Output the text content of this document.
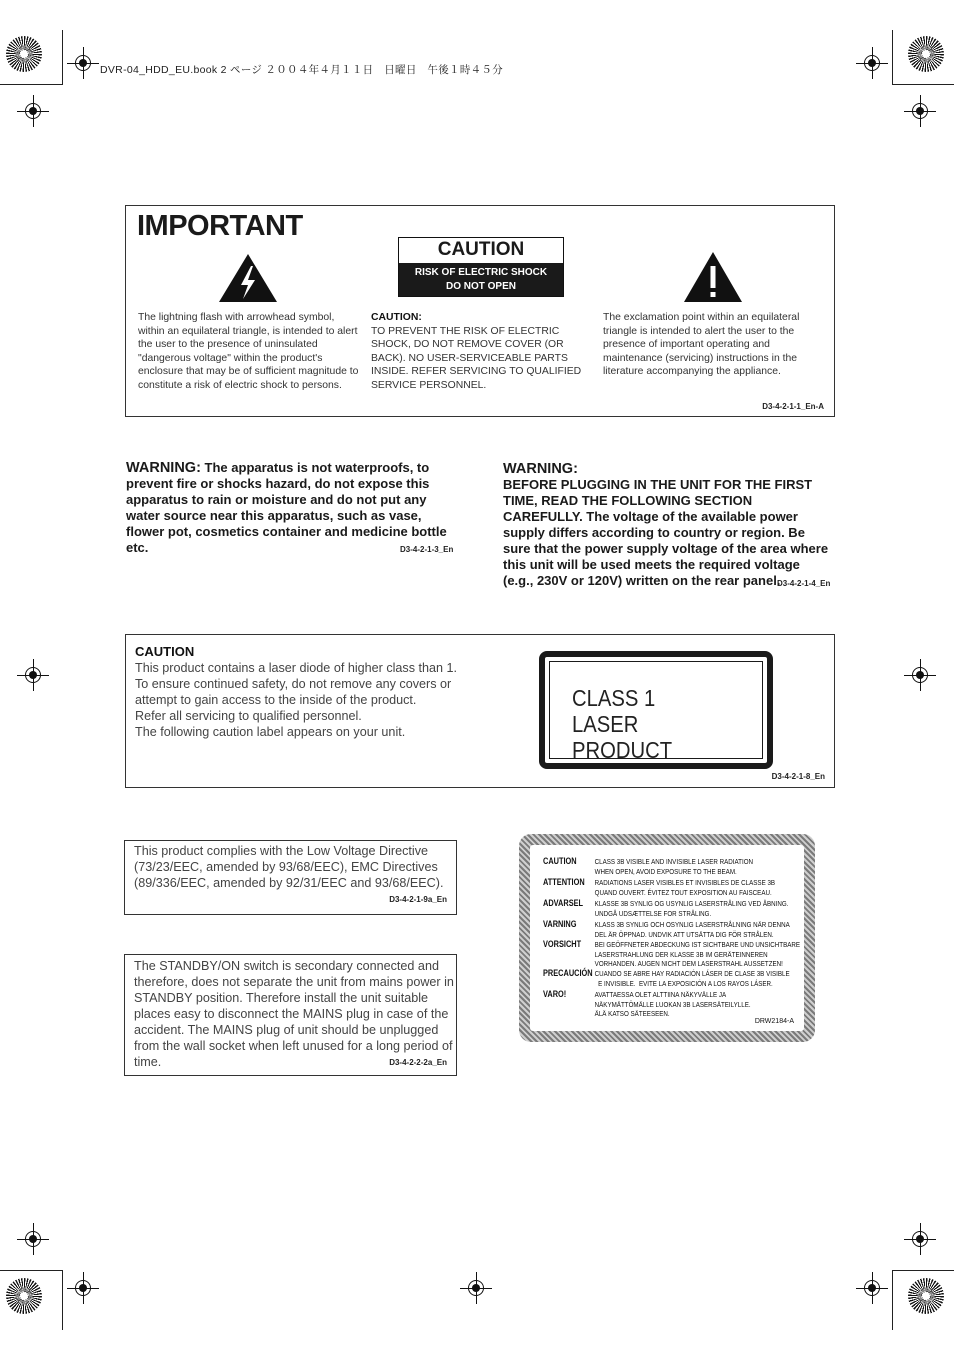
DVR-04_HDD_EU.book 2 ページ ２００４年４月１１日　日曜日　午後１時４５分
IMPORTANT
CAUTION
RISK OF ELECTRIC SHOCK
DO NOT OPEN
The lightning flash with arrowhead symbol, within an equilateral triangle, is intended to alert the user to the presence of uninsulated "dangerous voltage" within the product's enclosure that may be of sufficient magnitude to constitute a risk of electric shock to persons.
CAUTION:
TO PREVENT THE RISK OF ELECTRIC SHOCK, DO NOT REMOVE COVER (OR BACK). NO USER-SERVICEABLE PARTS INSIDE. REFER SERVICING TO QUALIFIED SERVICE PERSONNEL.
The exclamation point within an equilateral triangle is intended to alert the user to the presence of important operating and maintenance (servicing) instructions in the literature accompanying the appliance.
D3-4-2-1-1_En-A
WARNING: The apparatus is not waterproofs, to prevent fire or shocks hazard, do not expose this apparatus to rain or moisture and do not put any water source near this apparatus, such as vase, flower pot, cosmetics container and medicine bottle etc.	D3-4-2-1-3_En
WARNING:
BEFORE PLUGGING IN THE UNIT FOR THE FIRST TIME, READ THE FOLLOWING SECTION CAREFULLY. The voltage of the available power supply differs according to country or region. Be sure that the power supply voltage of the area where this unit will be used meets the required voltage (e.g., 230V or 120V) written on the rear panel.
D3-4-2-1-4_En
CAUTION
This product contains a laser diode of higher class than 1. To ensure continued safety, do not remove any covers or attempt to gain access to the inside of the product.
Refer all servicing to qualified personnel.
The following caution label appears on your unit.
CLASS 1
LASER PRODUCT
D3-4-2-1-8_En
This product complies with the Low Voltage Directive (73/23/EEC, amended by 93/68/EEC), EMC Directives (89/336/EEC, amended by 92/31/EEC and 93/68/EEC).
D3-4-2-1-9a_En
The STANDBY/ON switch is secondary connected and therefore, does not separate the unit from mains power in STANDBY position. Therefore install the unit suitable places easy to disconnect the MAINS plug in case of the accident. The MAINS plug of unit should be unplugged from the wall socket when left unused for a long period of time.	D3-4-2-2-2a_En
CAUTION CLASS 3B VISIBLE AND INVISIBLE LASER RADIATION
WHEN OPEN, AVOID EXPOSURE TO THE BEAM.
ATTENTION RADIATIONS LASER VISIBLES ET INVISIBLES DE CLASSE 3B
QUAND OUVERT. ÉVITEZ TOUT EXPOSITION AU FAISCEAU.
ADVARSEL KLASSE 3B SYNLIG OG USYNLIG LASERSTRÅLING VED ÅBNING.
UNDGÅ UDSÆTTELSE FOR STRÅLING.
VARNING KLASS 3B SYNLIG OCH OSYNLIG LASERSTRÅLNING NÄR DENNA
DEL ÄR ÖPPNAD. UNDVIK ATT UTSÄTTA DIG FÖR STRÅLEN.
VORSICHT BEI GEÖFFNETER ABDECKUNG IST SICHTBARE UND UNSICHTBARE
LASERSTRAHLUNG DER KLASSE 3B IM GERÄTEINNEREN
VORHANDEN. AUGEN NICHT DEM LASERSTRAHL AUSSETZEN!
PRECAUCIÓN CUANDO SE ABRE HAY RADIACIÓN LÁSER DE CLASE 3B VISIBLE
E INVISIBLE.  EVITE LA EXPOSICIÓN A LOS RAYOS LÁSER.
VARO!	AVATTAESSA OLET ALTTIINA NÄKYVÄLLE JA
NÄKYMÄTTÖMÄLLE LUOKAN 3B LASERSÄTEILYLLE.
ÄLÄ KATSO SÄTEESEEN.
DRW2184-A
